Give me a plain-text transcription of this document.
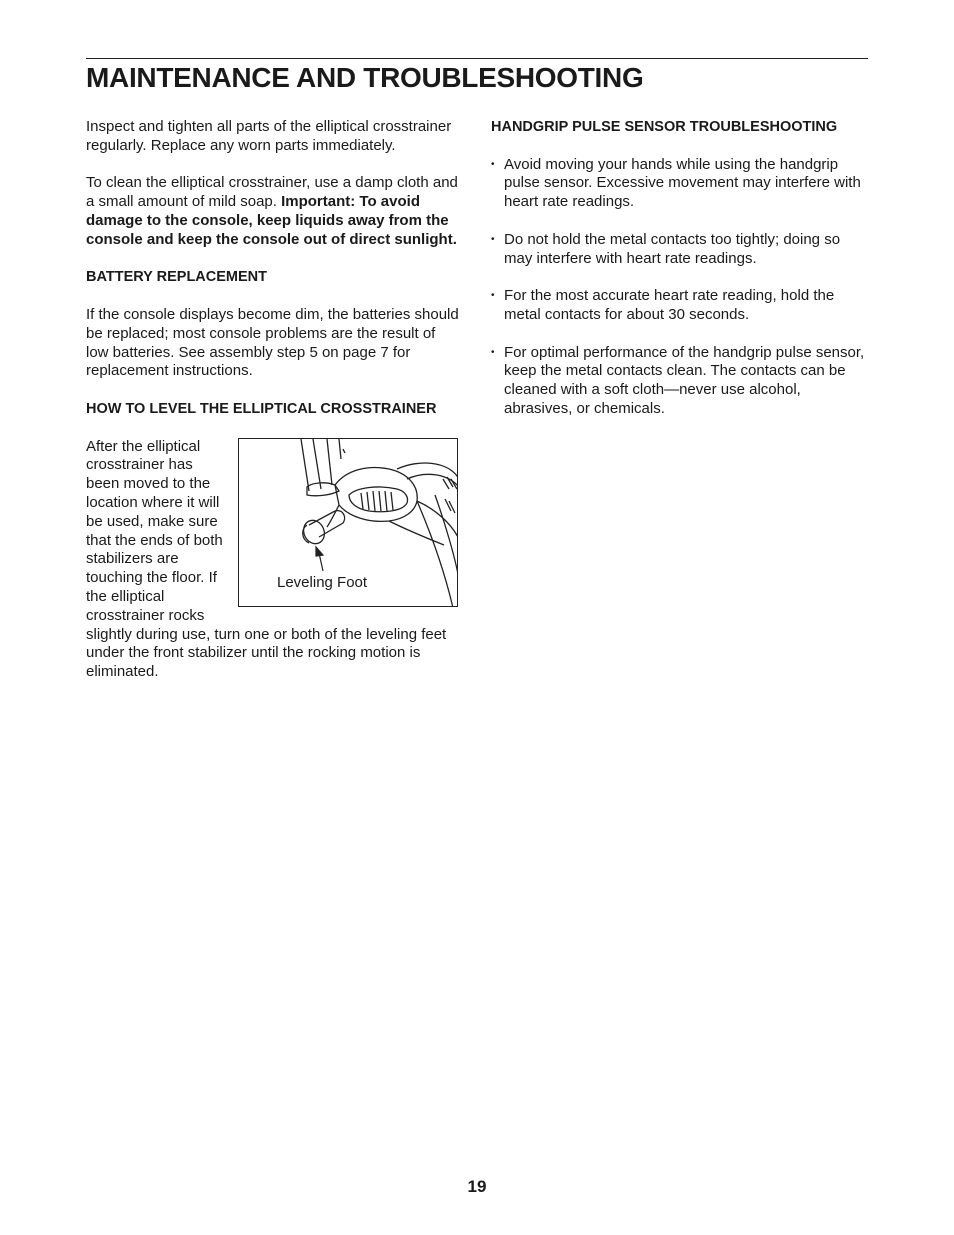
MAINTENANCE AND TROUBLESHOOTING

Inspect and tighten all parts of the elliptical crosstrainer regularly. Replace any worn parts immediately.

To clean the elliptical crosstrainer, use a damp cloth and a small amount of mild soap. Important: To avoid damage to the console, keep liquids away from the console and keep the console out of direct sunlight.

BATTERY REPLACEMENT

If the console displays become dim, the batteries should be replaced; most console problems are the result of low batteries. See assembly step 5 on page 7 for replacement instructions.

HOW TO LEVEL THE ELLIPTICAL CROSSTRAINER
Leveling Foot

After the elliptical crosstrainer has been moved to the location where it will be used, make sure that the ends of both stabilizers are touching the floor. If the elliptical crosstrainer rocks slightly during use, turn one or both of the leveling feet under the front stabilizer until the rocking motion is eliminated.

HANDGRIP PULSE SENSOR TROUBLESHOOTING
• Avoid moving your hands while using the handgrip pulse sensor. Excessive movement may interfere with heart rate readings.
• Do not hold the metal contacts too tightly; doing so may interfere with heart rate readings.
• For the most accurate heart rate reading, hold the metal contacts for about 30 seconds.
• For optimal performance of the handgrip pulse sensor, keep the metal contacts clean. The contacts can be cleaned with a soft cloth—never use alcohol, abrasives, or chemicals.
19
